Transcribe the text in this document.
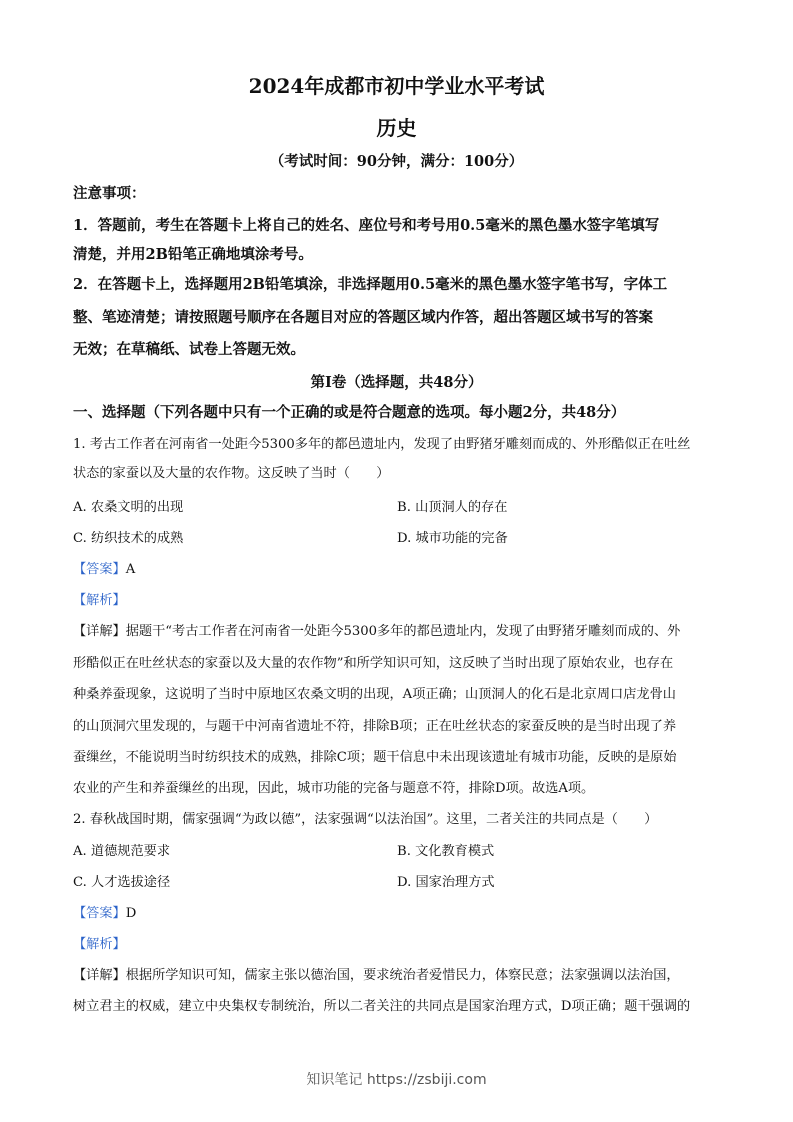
2024年成都市初中学业水平考试
历史
（考试时间：90分钟，满分：100分）
注意事项：
1．答题前，考生在答题卡上将自己的姓名、座位号和考号用0.5毫米的黑色墨水签字笔填写
清楚，并用2B铅笔正确地填涂考号。
2．在答题卡上，选择题用2B铅笔填涂，非选择题用0.5毫米的黑色墨水签字笔书写，字体工
整、笔迹清楚；请按照题号顺序在各题目对应的答题区域内作答，超出答题区域书写的答案
无效；在草稿纸、试卷上答题无效。
第Ⅰ卷（选择题，共48分）
一、选择题（下列各题中只有一个正确的或是符合题意的选项。每小题2分，共48分）
1. 考古工作者在河南省一处距今5300多年的都邑遗址内，发现了由野猪牙雕刻而成的、外形酷似正在吐丝
状态的家蚕以及大量的农作物。这反映了当时（　　）
A. 农桑文明的出现	B. 山顶洞人的存在
C. 纺织技术的成熟	D. 城市功能的完备
【答案】A
【解析】
【详解】据题干“考古工作者在河南省一处距今5300多年的都邑遗址内，发现了由野猪牙雕刻而成的、外
形酷似正在吐丝状态的家蚕以及大量的农作物”和所学知识可知，这反映了当时出现了原始农业，也存在
种桑养蚕现象，这说明了当时中原地区农桑文明的出现，A项正确；山顶洞人的化石是北京周口店龙骨山
的山顶洞穴里发现的，与题干中河南省遗址不符，排除B项；正在吐丝状态的家蚕反映的是当时出现了养
蚕缫丝，不能说明当时纺织技术的成熟，排除C项；题干信息中未出现该遗址有城市功能，反映的是原始
农业的产生和养蚕缫丝的出现，因此，城市功能的完备与题意不符，排除D项。故选A项。
2. 春秋战国时期，儒家强调“为政以德”，法家强调“以法治国”。这里，二者关注的共同点是（　　）
A. 道德规范要求	B. 文化教育模式
C. 人才选拔途径	D. 国家治理方式
【答案】D
【解析】
【详解】根据所学知识可知，儒家主张以德治国，要求统治者爱惜民力，体察民意；法家强调以法治国，
树立君主的权威，建立中央集权专制统治，所以二者关注的共同点是国家治理方式，D项正确；题干强调的
知识笔记 https://zsbiji.com
